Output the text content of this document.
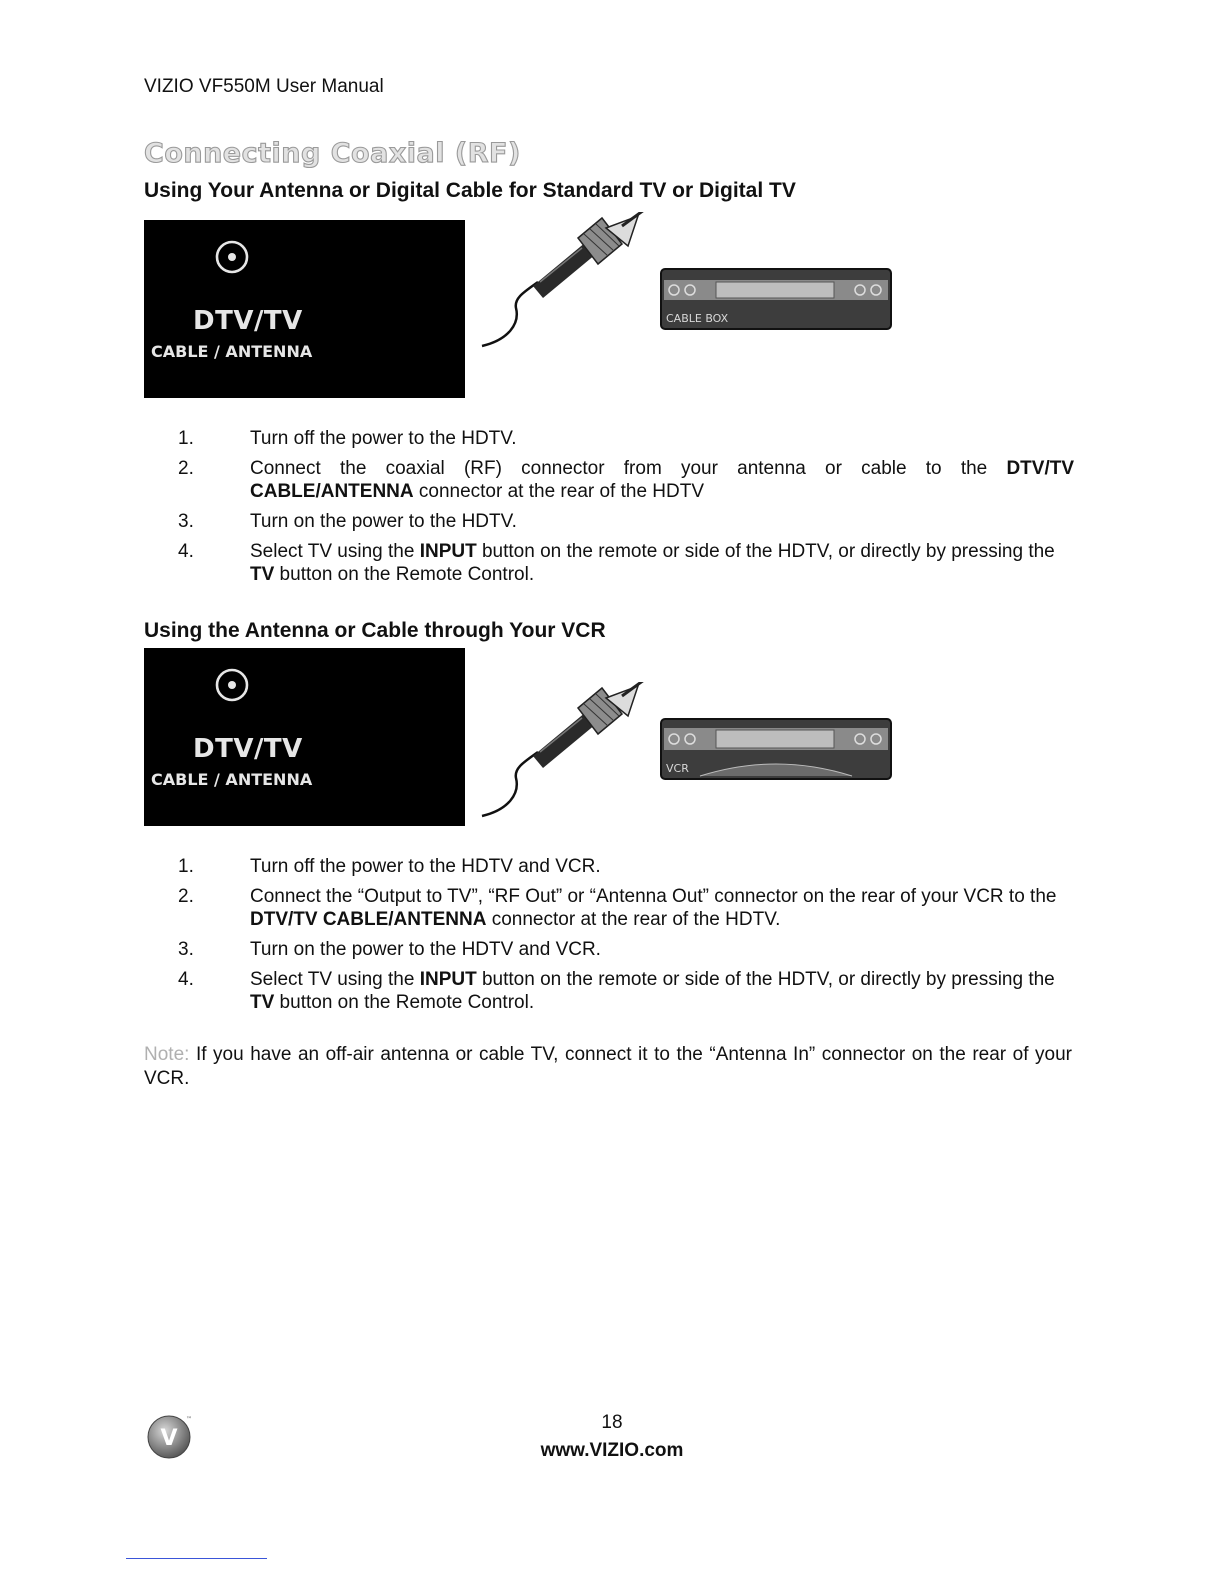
VIZIO VF550M User Manual
Connecting Coaxial (RF)
Using Your Antenna or Digital Cable for Standard TV or Digital TV
DTV/TV
CABLE / ANTENNA
CABLE BOX
1.	Turn off the power to the HDTV.
2.	Connect the coaxial (RF) connector from your antenna or cable to the DTV/TV CABLE/ANTENNA connector at the rear of the HDTV
3.	Turn on the power to the HDTV.
4.	Select TV using the INPUT button on the remote or side of the HDTV, or directly by pressing the TV button on the Remote Control.
Using the Antenna or Cable through Your VCR
DTV/TV
CABLE / ANTENNA
VCR
1.	Turn off the power to the HDTV and VCR.
2.	Connect the “Output to TV”, “RF Out” or “Antenna Out” connector on the rear of your VCR to the DTV/TV CABLE/ANTENNA connector at the rear of the HDTV.
3.	Turn on the power to the HDTV and VCR.
4.	Select TV using the INPUT button on the remote or side of the HDTV, or directly by pressing the TV button on the Remote Control.
Note: If you have an off-air antenna or cable TV, connect it to the “Antenna In” connector on the rear of your VCR.
V
™	18
www.VIZIO.com
